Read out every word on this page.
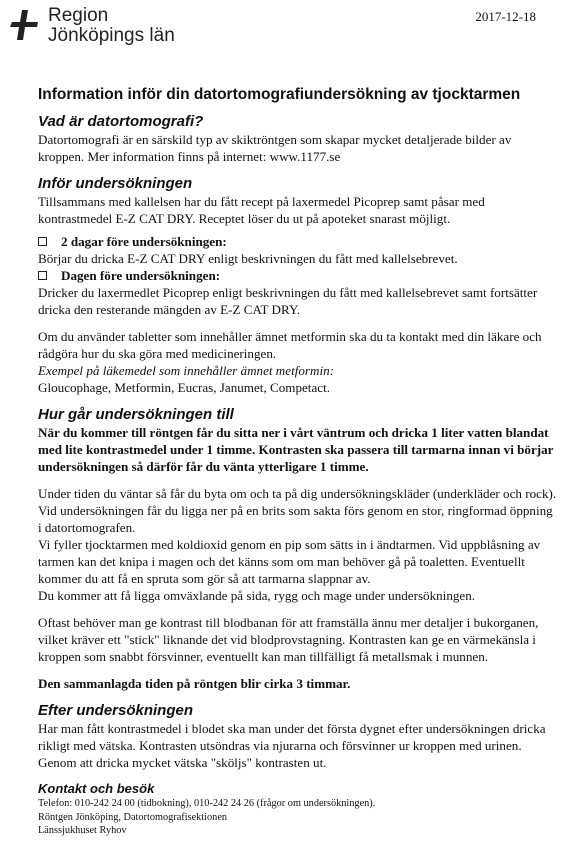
Region
Jönköpings län
2017-12-18
Information inför din datortomografiundersökning av tjocktarmen
Vad är datortomografi?

Datortomografi är en särskild typ av skiktröntgen som skapar mycket detaljerade bilder av kroppen. Mer information finns på internet: www.1177.se

Inför undersökningen

Tillsammans med kallelsen har du fått recept på laxermedel Picoprep samt påsar med kontrastmedel E-Z CAT DRY. Receptet löser du ut på apoteket snarast möjligt.

2 dagar före undersökningen:

Börjar du dricka E-Z CAT DRY enligt beskrivningen du fått med kallelsebrevet.

Dagen före undersökningen:

Dricker du laxermedlet Picoprep enligt beskrivningen du fått med kallelsebrevet samt fortsätter dricka den resterande mängden av E-Z CAT DRY.

Om du använder tabletter som innehåller ämnet metformin ska du ta kontakt med din läkare och rådgöra hur du ska göra med medicineringen.

Exempel på läkemedel som innehåller ämnet metformin:

Gloucophage, Metformin, Eucras, Janumet, Competact.

Hur går undersökningen till

När du kommer till röntgen får du sitta ner i vårt väntrum och dricka 1 liter vatten blandat med lite kontrastmedel under 1 timme. Kontrasten ska passera till tarmarna innan vi börjar undersökningen så därför får du vänta ytterligare 1 timme.

Under tiden du väntar så får du byta om och ta på dig undersökningskläder (underkläder och rock). Vid undersökningen får du ligga ner på en brits som sakta förs genom en stor, ringformad öppning i datortomografen.

Vi fyller tjocktarmen med koldioxid genom en pip som sätts in i ändtarmen. Vid uppblåsning av tarmen kan det knipa i magen och det känns som om man behöver gå på toaletten. Eventuellt kommer du att få en spruta som gör så att tarmarna slappnar av.

Du kommer att få ligga omväxlande på sida, rygg och mage under undersökningen.

Oftast behöver man ge kontrast till blodbanan för att framställa ännu mer detaljer i bukorganen, vilket kräver ett "stick" liknande det vid blodprovstagning. Kontrasten kan ge en värmekänsla i kroppen som snabbt försvinner, eventuellt kan man tillfälligt få metallsmak i munnen.

Den sammanlagda tiden på röntgen blir cirka 3 timmar.

Efter undersökningen

Har man fått kontrastmedel i blodet ska man under det första dygnet efter undersökningen dricka rikligt med vätska. Kontrasten utsöndras via njurarna och försvinner ur kroppen med urinen. Genom att dricka mycket vätska "sköljs" kontrasten ut.

Kontakt och besök

Telefon: 010-242 24 00 (tidbokning), 010-242 24 26 (frågor om undersökningen).

Röntgen Jönköping, Datortomografisektionen

Länssjukhuset Ryhov
